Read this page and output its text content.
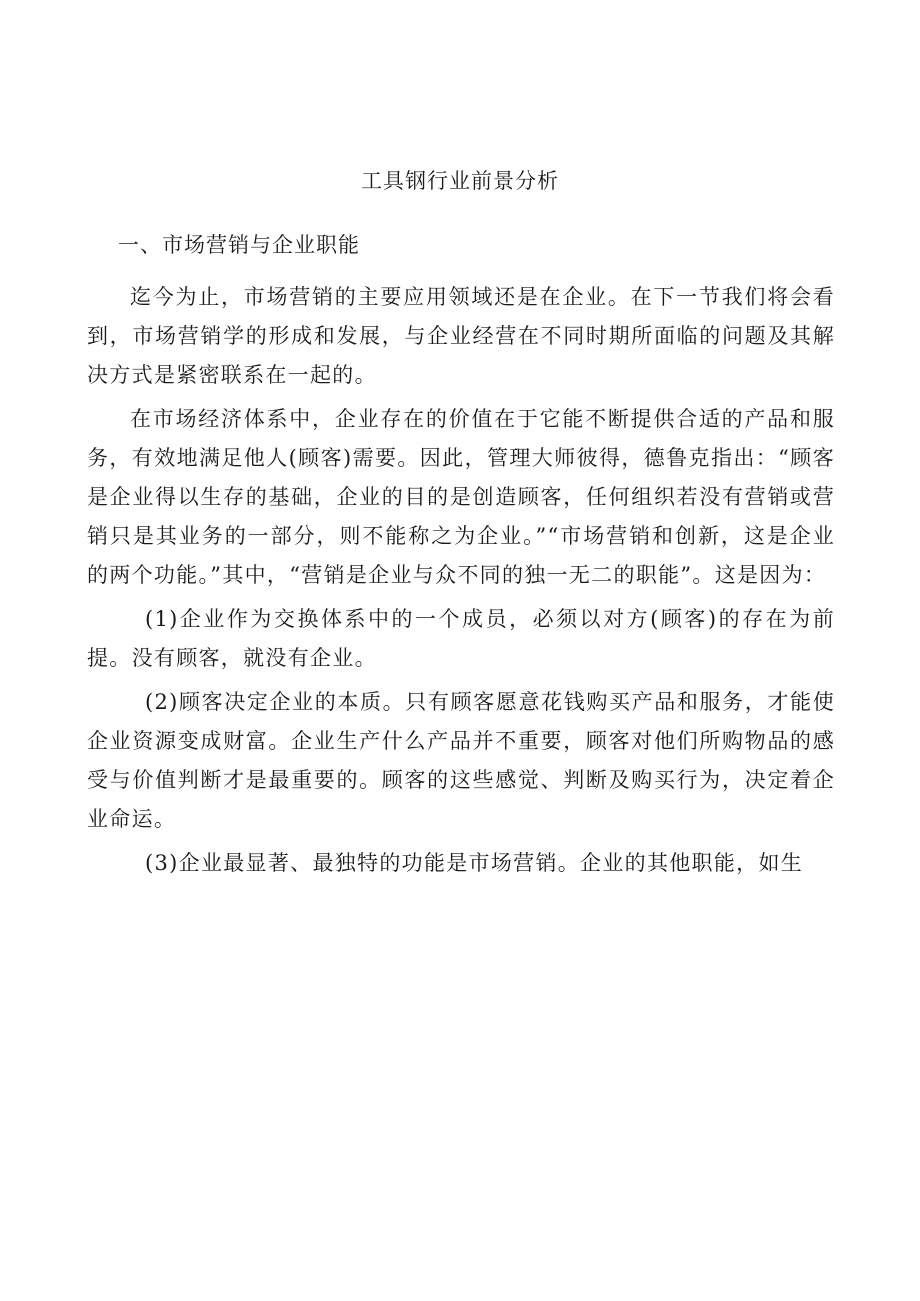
工具钢行业前景分析
一、市场营销与企业职能

迄今为止，市场营销的主要应用领域还是在企业。在下一节我们将会看到，市场营销学的形成和发展，与企业经营在不同时期所面临的问题及其解决方式是紧密联系在一起的。

在市场经济体系中，企业存在的价值在于它能不断提供合适的产品和服务，有效地满足他人(顾客)需要。因此，管理大师彼得，德鲁克指出：“顾客是企业得以生存的基础，企业的目的是创造顾客，任何组织若没有营销或营销只是其业务的一部分，则不能称之为企业。”“市场营销和创新，这是企业的两个功能。”其中，“营销是企业与众不同的独一无二的职能”。这是因为：

(1)企业作为交换体系中的一个成员，必须以对方(顾客)的存在为前提。没有顾客，就没有企业。

(2)顾客决定企业的本质。只有顾客愿意花钱购买产品和服务，才能使企业资源变成财富。企业生产什么产品并不重要，顾客对他们所购物品的感受与价值判断才是最重要的。顾客的这些感觉、判断及购买行为，决定着企业命运。

(3)企业最显著、最独特的功能是市场营销。企业的其他职能，如生
